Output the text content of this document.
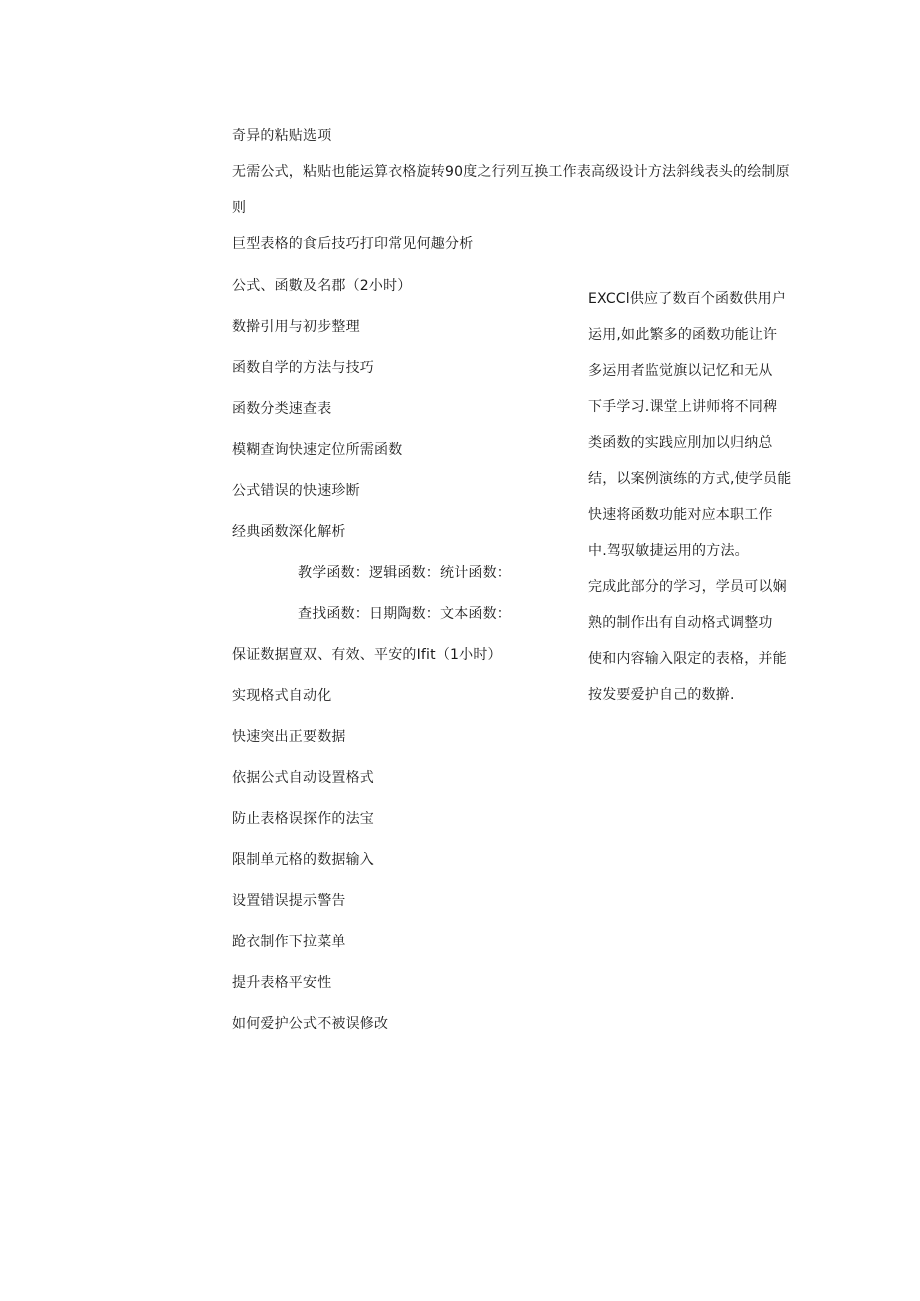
奇异的粘贴选项
无需公式，粘贴也能运算衣格旋转90度之行列互换工作表高级设计方法斜线表头的绘制原
则
巨型表格的食后技巧打印常见何趣分析
公式、函數及名郡（2小时）
数擀引用与初步整理
函数自学的方法与技巧
函数分类速查表
模糊查询快速定位所需函数
公式错误的快速珍断
经典函数深化解析
教学函数：逻辑函数：统计函数：
查找函数：日期陶数：文本函数：
保证数据亶双、有效、平安的Ifit（1小时）
实现格式自动化
快速突出正要数据
依据公式自动设置格式
防止表格误探作的法宝
限制单元格的数据输入
设置错误提示警告
跄衣制作下拉菜单
提升表格平安性
如何爱护公式不被误修改
EXCCl供应了数百个函数供用户
运用,如此繁多的函数功能让许
多运用者监觉旗以记忆和无从
下手学习.课堂上讲师将不同稗
类函数的实践应刖加以归纳总
结，以案例演练的方式,使学员能
快速将函数功能对应本职工作
中.驾驭敏捷运用的方法。
完成此部分的学习，学员可以娴
熟的制作出有自动格式调整功
使和内容输入限定的表格，并能
按发要爱护自己的数擀.
